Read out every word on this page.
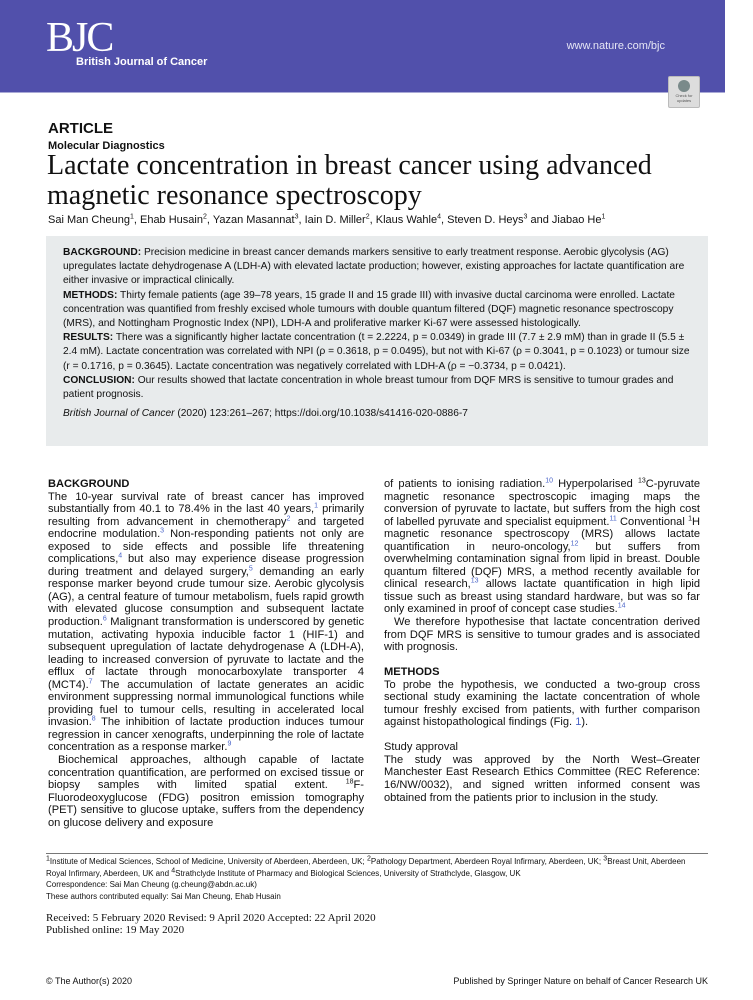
BJC
British Journal of Cancer
www.nature.com/bjc
Check for updates
ARTICLE
Molecular Diagnostics
Lactate concentration in breast cancer using advanced magnetic resonance spectroscopy
Sai Man Cheung$^1$, Ehab Husain$^2$, Yazan Masannat$^3$, Iain D. Miller$^2$, Klaus Wahle$^4$, Steven D. Heys$^3$ and Jiabao He$^1$
BACKGROUND: Precision medicine in breast cancer demands markers sensitive to early treatment response. Aerobic glycolysis (AG) upregulates lactate dehydrogenase A (LDH-A) with elevated lactate production; however, existing approaches for lactate quantification are either invasive or impractical clinically.
METHODS: Thirty female patients (age 39–78 years, 15 grade II and 15 grade III) with invasive ductal carcinoma were enrolled. Lactate concentration was quantified from freshly excised whole tumours with double quantum filtered (DQF) magnetic resonance spectroscopy (MRS), and Nottingham Prognostic Index (NPI), LDH-A and proliferative marker Ki-67 were assessed histologically.
RESULTS: There was a significantly higher lactate concentration (t = 2.2224, p = 0.0349) in grade III (7.7 ± 2.9 mM) than in grade II (5.5 ± 2.4 mM). Lactate concentration was correlated with NPI (ρ = 0.3618, p = 0.0495), but not with Ki-67 (ρ = 0.3041, p = 0.1023) or tumour size (r = 0.1716, p = 0.3645). Lactate concentration was negatively correlated with LDH-A (ρ = −0.3734, p = 0.0421).
CONCLUSION: Our results showed that lactate concentration in whole breast tumour from DQF MRS is sensitive to tumour grades and patient prognosis.
British Journal of Cancer (2020) 123:261–267; https://doi.org/10.1038/s41416-020-0886-7
BACKGROUND

The 10-year survival rate of breast cancer has improved substantially from 40.1 to 78.4% in the last 40 years,$^1$ primarily resulting from advancement in chemotherapy$^2$ and targeted endocrine modulation.$^3$ Non-responding patients not only are exposed to side effects and possible life threatening complications,$^4$ but also may experience disease progression during treatment and delayed surgery,$^5$ demanding an early response marker beyond crude tumour size. Aerobic glycolysis (AG), a central feature of tumour metabolism, fuels rapid growth with elevated glucose consumption and subsequent lactate production.$^6$ Malignant transformation is underscored by genetic mutation, activating hypoxia inducible factor 1 (HIF-1) and subsequent upregulation of lactate dehydrogenase A (LDH-A), leading to increased conversion of pyruvate to lactate and the efflux of lactate through monocarboxylate transporter 4 (MCT4).$^7$ The accumulation of lactate generates an acidic environment suppressing normal immunological functions while providing fuel to tumour cells, resulting in accelerated local invasion.$^8$ The inhibition of lactate production induces tumour regression in cancer xenografts, underpinning the role of lactate concentration as a response marker.$^9$

Biochemical approaches, although capable of lactate concentration quantification, are performed on excised tissue or biopsy samples with limited spatial extent. $^{18}$F-Fluorodeoxyglucose (FDG) positron emission tomography (PET) sensitive to glucose uptake, suffers from the dependency on glucose delivery and exposure

of patients to ionising radiation.$^{10}$ Hyperpolarised $^{13}$C-pyruvate magnetic resonance spectroscopic imaging maps the conversion of pyruvate to lactate, but suffers from the high cost of labelled pyruvate and specialist equipment.$^{11}$ Conventional $^1$H magnetic resonance spectroscopy (MRS) allows lactate quantification in neuro-oncology,$^{12}$ but suffers from overwhelming contamination signal from lipid in breast. Double quantum filtered (DQF) MRS, a method recently available for clinical research,$^{13}$ allows lactate quantification in high lipid tissue such as breast using standard hardware, but was so far only examined in proof of concept case studies.$^{14}$

We therefore hypothesise that lactate concentration derived from DQF MRS is sensitive to tumour grades and is associated with prognosis.

METHODS

To probe the hypothesis, we conducted a two-group cross sectional study examining the lactate concentration of whole tumour freshly excised from patients, with further comparison against histopathological findings (Fig. 1).

Study approval

The study was approved by the North West–Greater Manchester East Research Ethics Committee (REC Reference: 16/NW/0032), and signed written informed consent was obtained from the patients prior to inclusion in the study.

$^1$Institute of Medical Sciences, School of Medicine, University of Aberdeen, Aberdeen, UK; $^2$Pathology Department, Aberdeen Royal Infirmary, Aberdeen, UK; $^3$Breast Unit, Aberdeen Royal Infirmary, Aberdeen, UK and $^4$Strathclyde Institute of Pharmacy and Biological Sciences, University of Strathclyde, Glasgow, UK
Correspondence: Sai Man Cheung (g.cheung@abdn.ac.uk)
These authors contributed equally: Sai Man Cheung, Ehab Husain
Received: 5 February 2020 Revised: 9 April 2020 Accepted: 22 April 2020
Published online: 19 May 2020
© The Author(s) 2020	Published by Springer Nature on behalf of Cancer Research UK
